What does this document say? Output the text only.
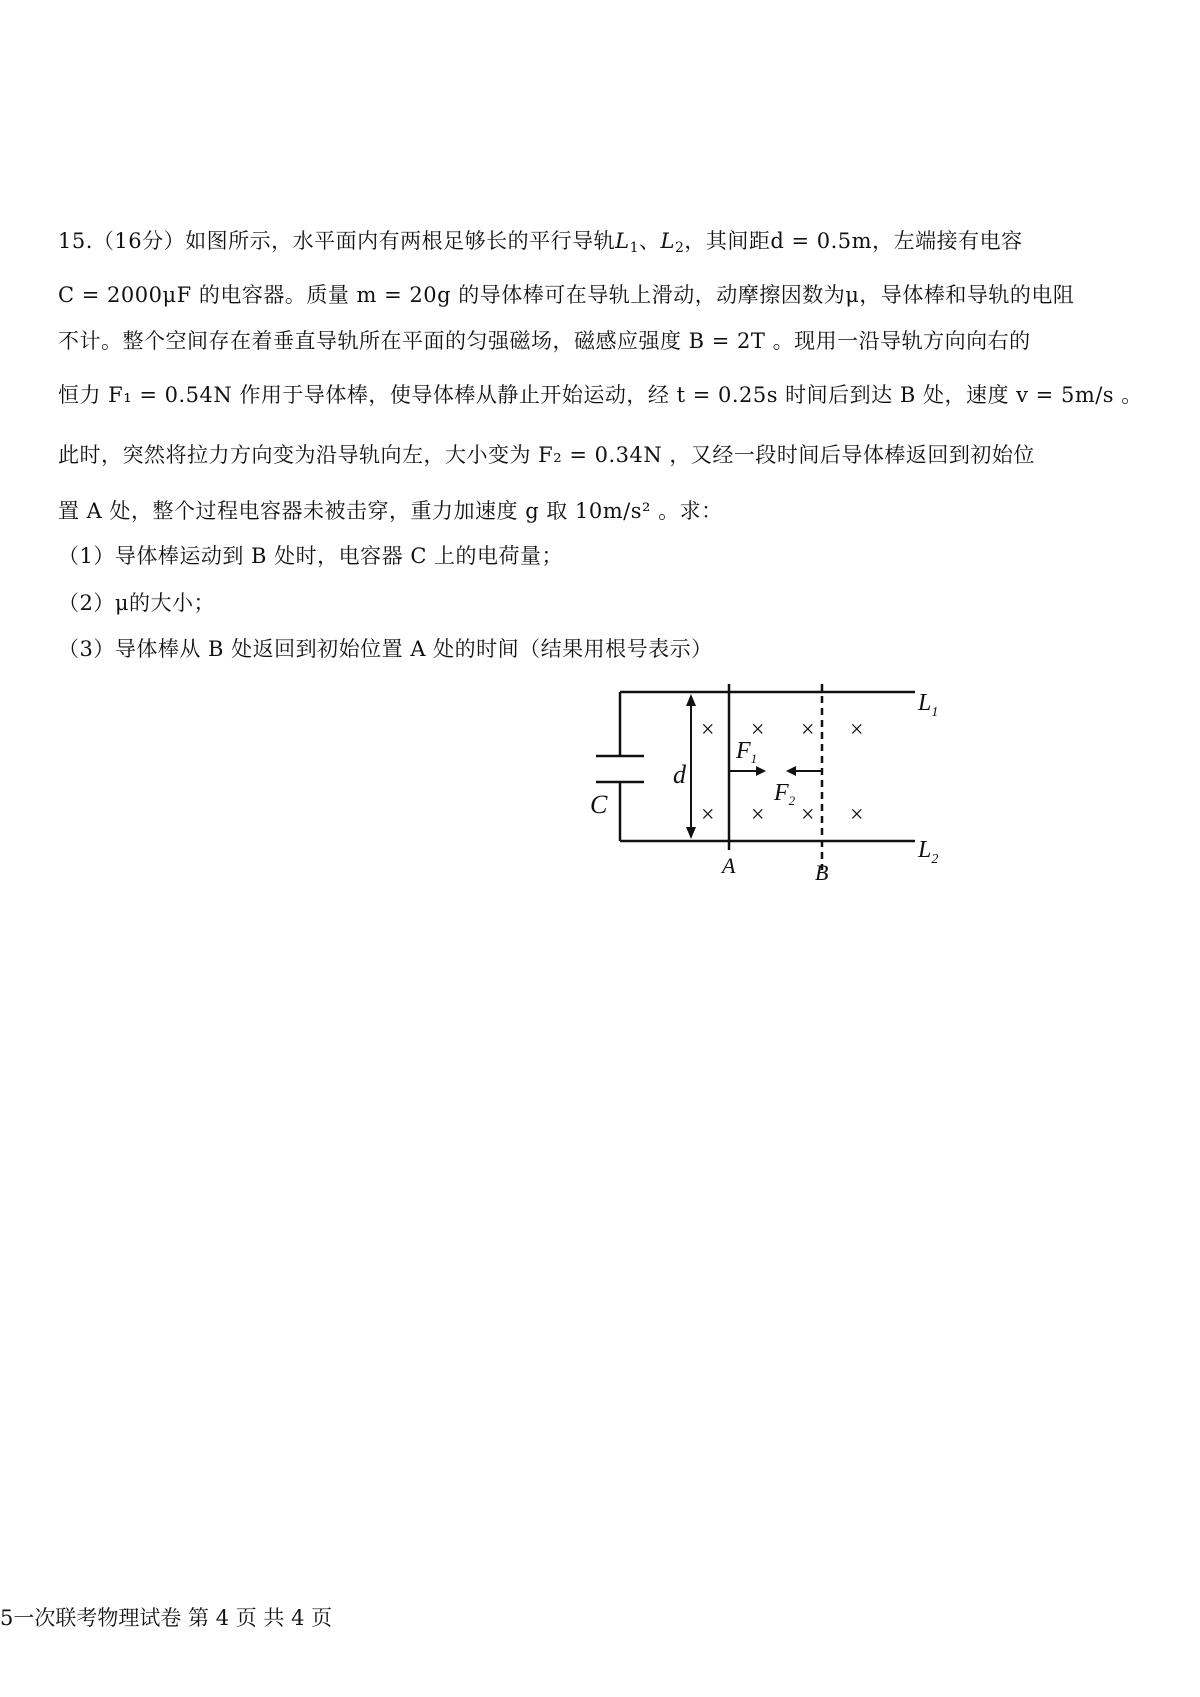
15.（16分）如图所示，水平面内有两根足够长的平行导轨$L_1$、$L_2$，其间距d = 0.5m，左端接有电容
C = 2000μF 的电容器。质量 m = 20g 的导体棒可在导轨上滑动，动摩擦因数为μ，导体棒和导轨的电阻
不计。整个空间存在着垂直导轨所在平面的匀强磁场，磁感应强度 B = 2T 。现用一沿导轨方向向右的
恒力 F₁ = 0.54N 作用于导体棒，使导体棒从静止开始运动，经 t = 0.25s 时间后到达 B 处，速度 v = 5m/s 。
此时，突然将拉力方向变为沿导轨向左，大小变为 F₂ = 0.34N ，又经一段时间后导体棒返回到初始位
置 A 处，整个过程电容器未被击穿，重力加速度 g 取 10m/s² 。求：
（1）导体棒运动到 B 处时，电容器 C 上的电荷量；
（2）μ的大小；
（3）导体棒从 B 处返回到初始位置 A 处的时间（结果用根号表示）
C
d
A	B
$L_1$
$L_2$
× × × ×
× × × ×
$F_1$
$F_2$
5一次联考物理试卷 第 4 页 共 4 页
